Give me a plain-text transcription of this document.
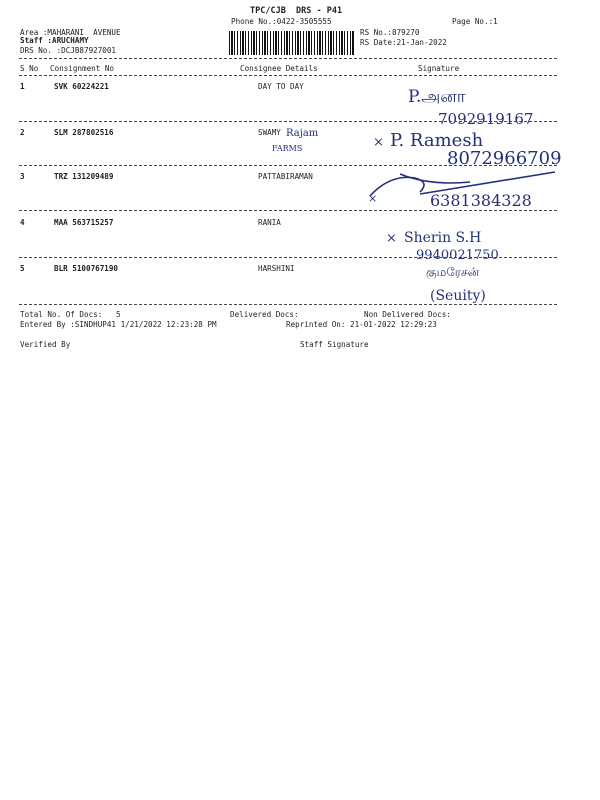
TPC/CJB  DRS - P41
Phone No.:0422-3505555	Page No.:1
Area :MAHARANI  AVENUE
Staff :ARUCHAMY
DRS No. :DCJB87927001
RS No.:879270
RS Date:21-Jan-2022
S No Consignment No	Consignee Details	Signature
1	SVK 60224221	DAY TO DAY
P.அனா
7092919167
2	SLM 287802516	SWAMY Rajam
FARMS	× P. Ramesh
8072966709
3	TRZ 131209489	PATTABIRAMAN
×	6381384328
4	MAA 563715257	RANIA
× Sherin S.H
9940021750
5	BLR 5100767190	HARSHINI	குமரேசன்
(Seuity)
Total No. Of Docs:   5	Delivered Docs:	Non Delivered Docs:
Entered By :SINDHUP41 1/21/2022 12:23:28 PM	Reprinted On: 21-01-2022 12:29:23
Verified By	Staff Signature
